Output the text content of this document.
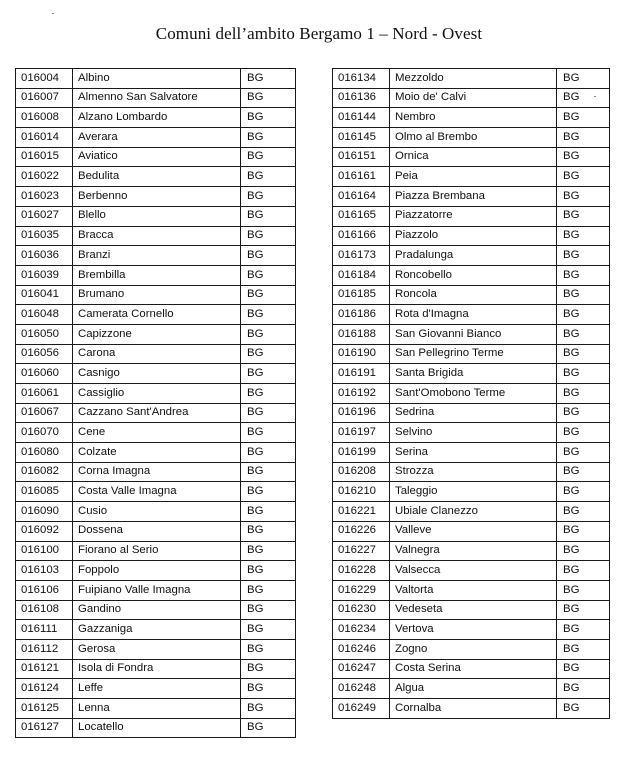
Comuni dell’ambito Bergamo 1 – Nord - Ovest
016004	Albino	BG
016007	Almenno San Salvatore	BG
016008	Alzano Lombardo	BG
016014	Averara	BG
016015	Aviatico	BG
016022	Bedulita	BG
016023	Berbenno	BG
016027	Blello	BG
016035	Bracca	BG
016036	Branzi	BG
016039	Brembilla	BG
016041	Brumano	BG
016048	Camerata Cornello	BG
016050	Capizzone	BG
016056	Carona	BG
016060	Casnigo	BG
016061	Cassiglio	BG
016067	Cazzano Sant'Andrea	BG
016070	Cene	BG
016080	Colzate	BG
016082	Corna Imagna	BG
016085	Costa Valle Imagna	BG
016090	Cusio	BG
016092	Dossena	BG
016100	Fiorano al Serio	BG
016103	Foppolo	BG
016106	Fuipiano Valle Imagna	BG
016108	Gandino	BG
016111	Gazzaniga	BG
016112	Gerosa	BG
016121	Isola di Fondra	BG
016124	Leffe	BG
016125	Lenna	BG
016127	Locatello	BG
016134	Mezzoldo	BG
016136	Moio de' Calvi	BG
016144	Nembro	BG
016145	Olmo al Brembo	BG
016151	Ornica	BG
016161	Peia	BG
016164	Piazza Brembana	BG
016165	Piazzatorre	BG
016166	Piazzolo	BG
016173	Pradalunga	BG
016184	Roncobello	BG
016185	Roncola	BG
016186	Rota d'Imagna	BG
016188	San Giovanni Bianco	BG
016190	San Pellegrino Terme	BG
016191	Santa Brigida	BG
016192	Sant'Omobono Terme	BG
016196	Sedrina	BG
016197	Selvino	BG
016199	Serina	BG
016208	Strozza	BG
016210	Taleggio	BG
016221	Ubiale Clanezzo	BG
016226	Valleve	BG
016227	Valnegra	BG
016228	Valsecca	BG
016229	Valtorta	BG
016230	Vedeseta	BG
016234	Vertova	BG
016246	Zogno	BG
016247	Costa Serina	BG
016248	Algua	BG
016249	Cornalba	BG
